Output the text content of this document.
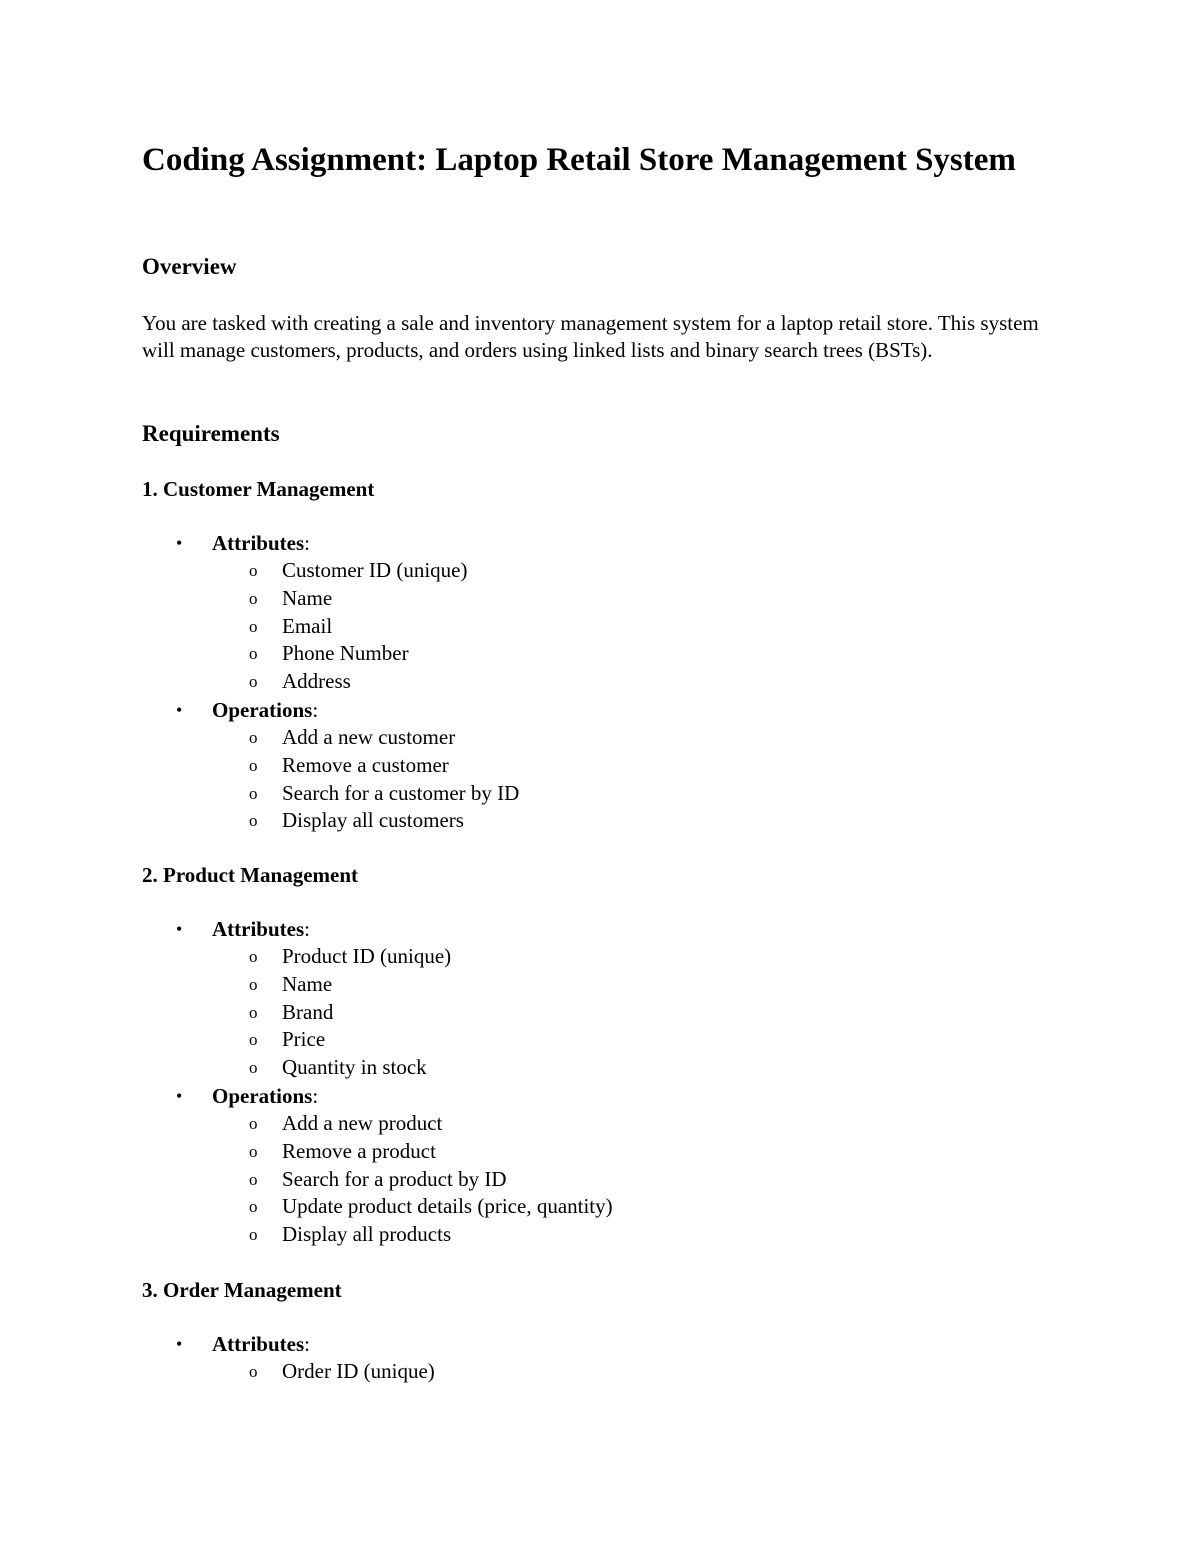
Coding Assignment: Laptop Retail Store Management System
Overview

You are tasked with creating a sale and inventory management system for a laptop retail store. This system will manage customers, products, and orders using linked lists and binary search trees (BSTs).

Requirements
1. Customer Management
• Attributes:
o Customer ID (unique)
o Name
o Email
o Phone Number
o Address
• Operations:
o Add a new customer
o Remove a customer
o Search for a customer by ID
o Display all customers
2. Product Management
• Attributes:
o Product ID (unique)
o Name
o Brand
o Price
o Quantity in stock
• Operations:
o Add a new product
o Remove a product
o Search for a product by ID
o Update product details (price, quantity)
o Display all products
3. Order Management
• Attributes:
o Order ID (unique)
